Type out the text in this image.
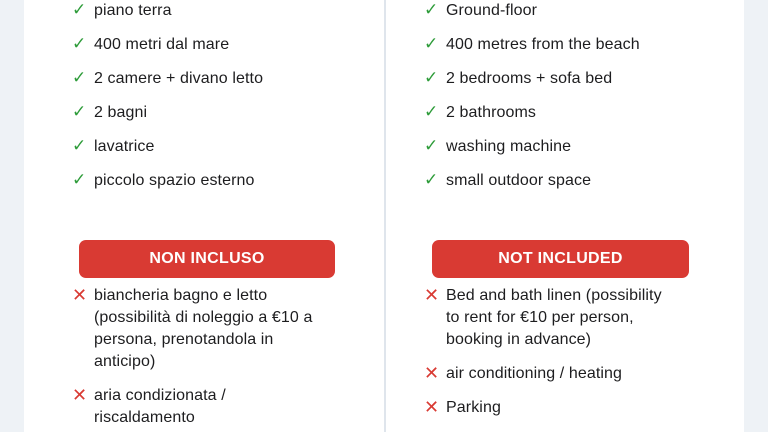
✓ piano terra
✓ 400 metri dal mare
✓ 2 camere + divano letto
✓ 2 bagni
✓ lavatrice
✓ piccolo spazio esterno
NON INCLUSO
✕ biancheria bagno e letto (possibilità di noleggio a €10 a persona, prenotandola in anticipo)
✕ aria condizionata / riscaldamento
✓ Ground-floor
✓ 400 metres from the beach
✓ 2 bedrooms + sofa bed
✓ 2 bathrooms
✓ washing machine
✓ small outdoor space
NOT INCLUDED
✕ Bed and bath linen (possibility to rent for €10 per person, booking in advance)
✕ air conditioning / heating
✕ Parking
